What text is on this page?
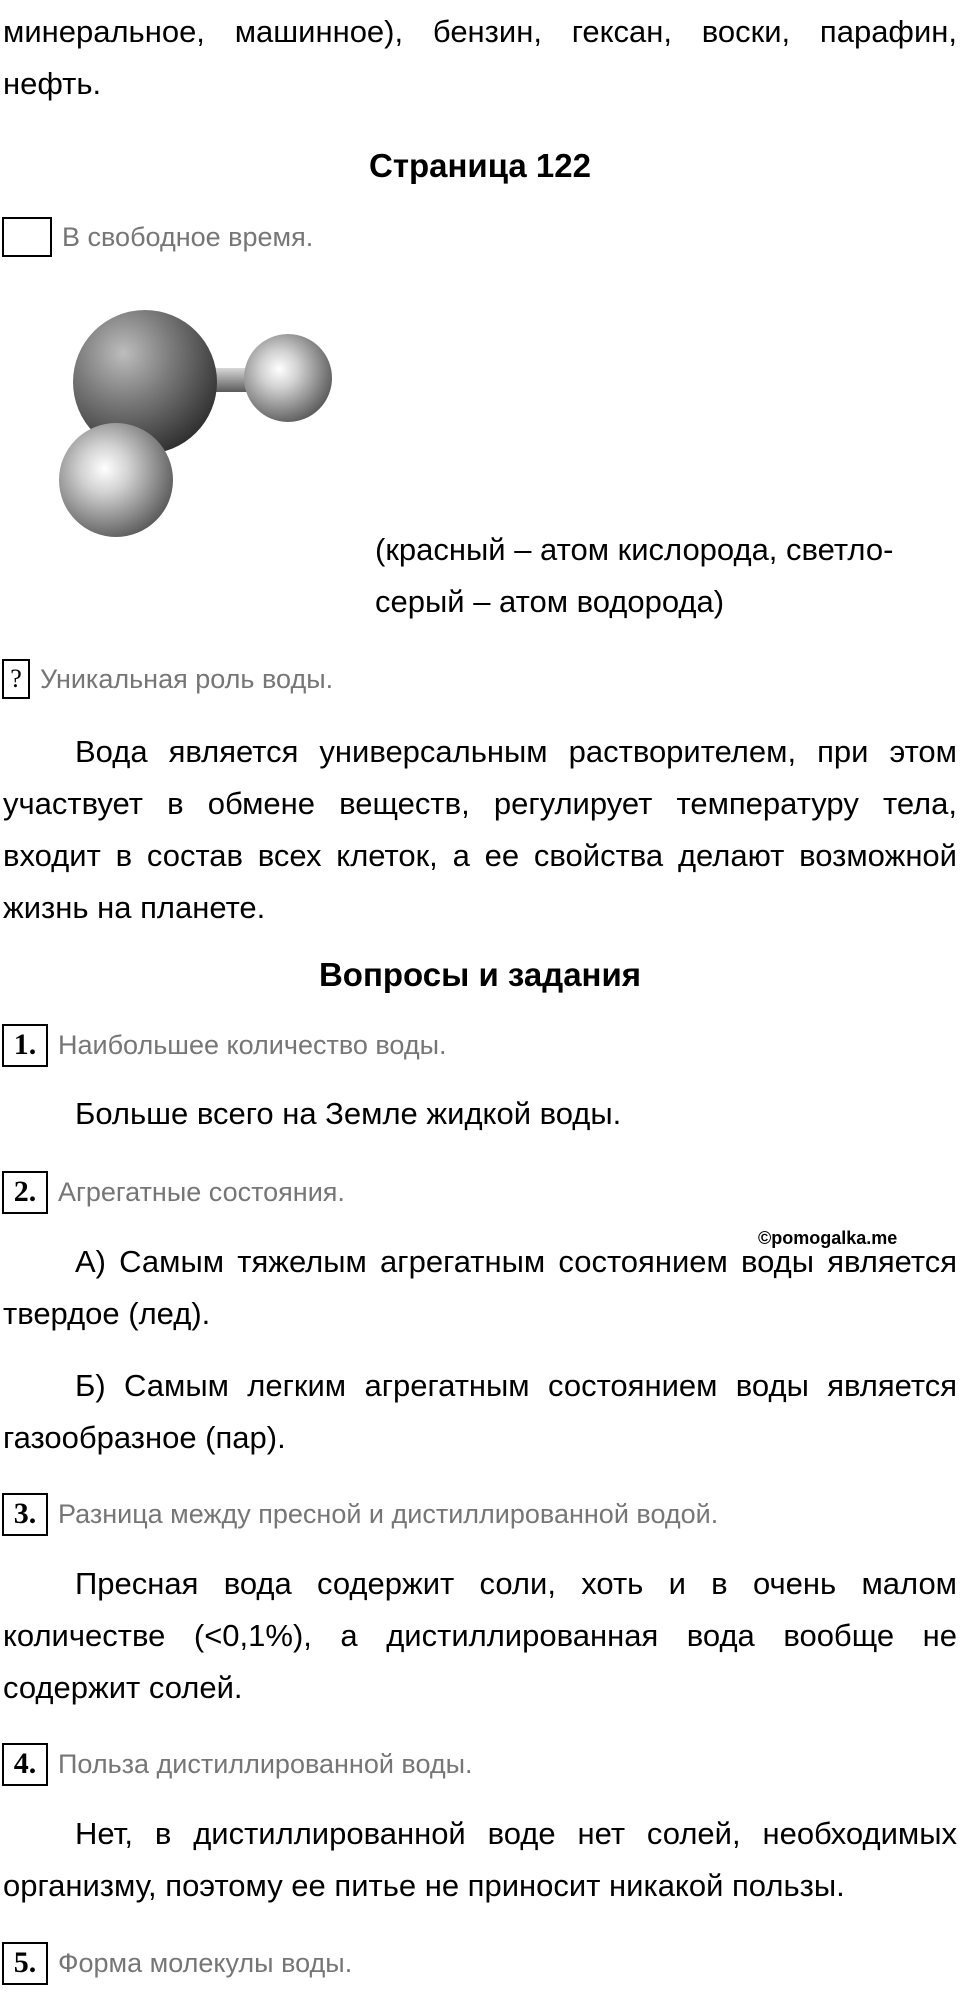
минеральное, машинное), бензин, гексан, воски, парафин, нефть.

Страница 122
В свободное время.

(красный – атом кислорода, светло-серый – атом водорода)

? Уникальная роль воды.

Вода является универсальным растворителем, при этом участвует в обмене веществ, регулирует температуру тела, входит в состав всех клеток, а ее свойства делают возможной жизнь на планете.

Вопросы и задания
1. Наибольшее количество воды.

Больше всего на Земле жидкой воды.

2. Агрегатные состояния.
©pomogalka.me

А) Самым тяжелым агрегатным состоянием воды является твердое (лед).

Б) Самым легким агрегатным состоянием воды является газообразное (пар).

3. Разница между пресной и дистиллированной водой.

Пресная вода содержит соли, хоть и в очень малом количестве (<0,1%), а дистиллированная вода вообще не содержит солей.

4. Польза дистиллированной воды.

Нет, в дистиллированной воде нет солей, необходимых организму, поэтому ее питье не приносит никакой пользы.

5. Форма молекулы воды.
